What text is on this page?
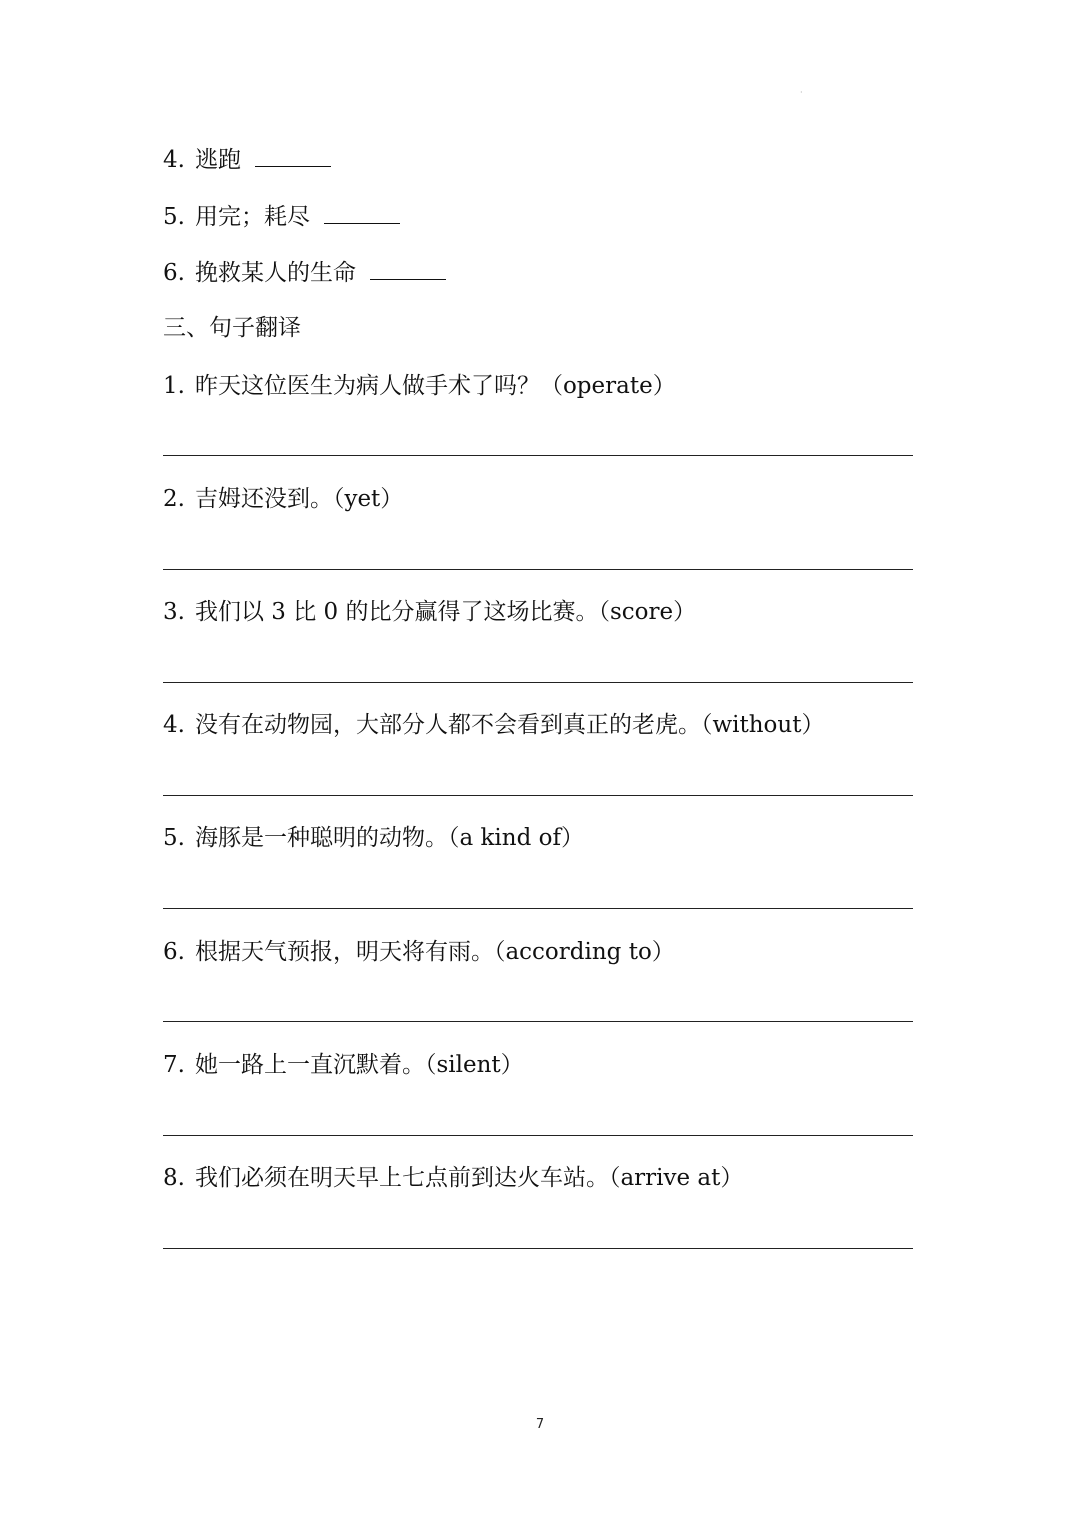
·
4. 逃跑
5. 用完；耗尽
6. 挽救某人的生命
三、句子翻译
1. 昨天这位医生为病人做手术了吗？（operate）
2. 吉姆还没到。（yet）
3. 我们以 3 比 0 的比分赢得了这场比赛。（score）
4. 没有在动物园，大部分人都不会看到真正的老虎。（without）
5. 海豚是一种聪明的动物。（a kind of）
6. 根据天气预报，明天将有雨。（according to）
7. 她一路上一直沉默着。（silent）
8. 我们必须在明天早上七点前到达火车站。（arrive at）
7
